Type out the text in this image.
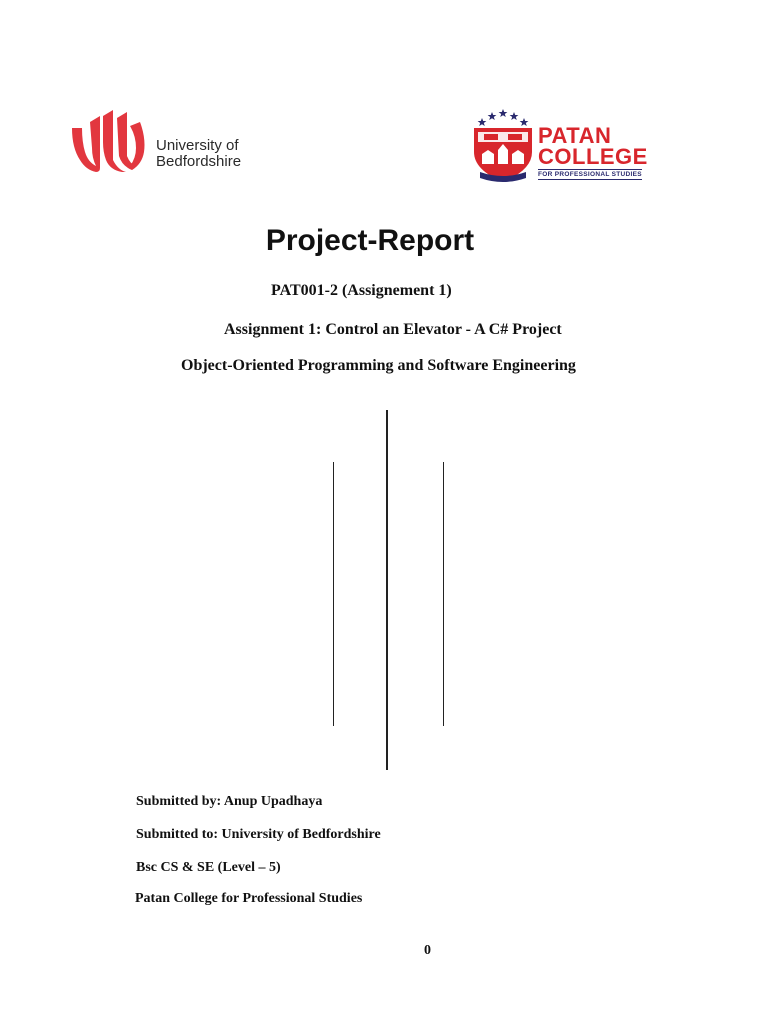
University of
Bedfordshire
PATAN
COLLEGE
FOR PROFESSIONAL STUDIES
Project-Report
PAT001-2 (Assignement 1)
Assignment 1: Control an Elevator - A C# Project
Object-Oriented Programming and Software Engineering
Submitted by: Anup Upadhaya
Submitted to: University of Bedfordshire
Bsc CS & SE (Level – 5)
Patan College for Professional Studies
0
